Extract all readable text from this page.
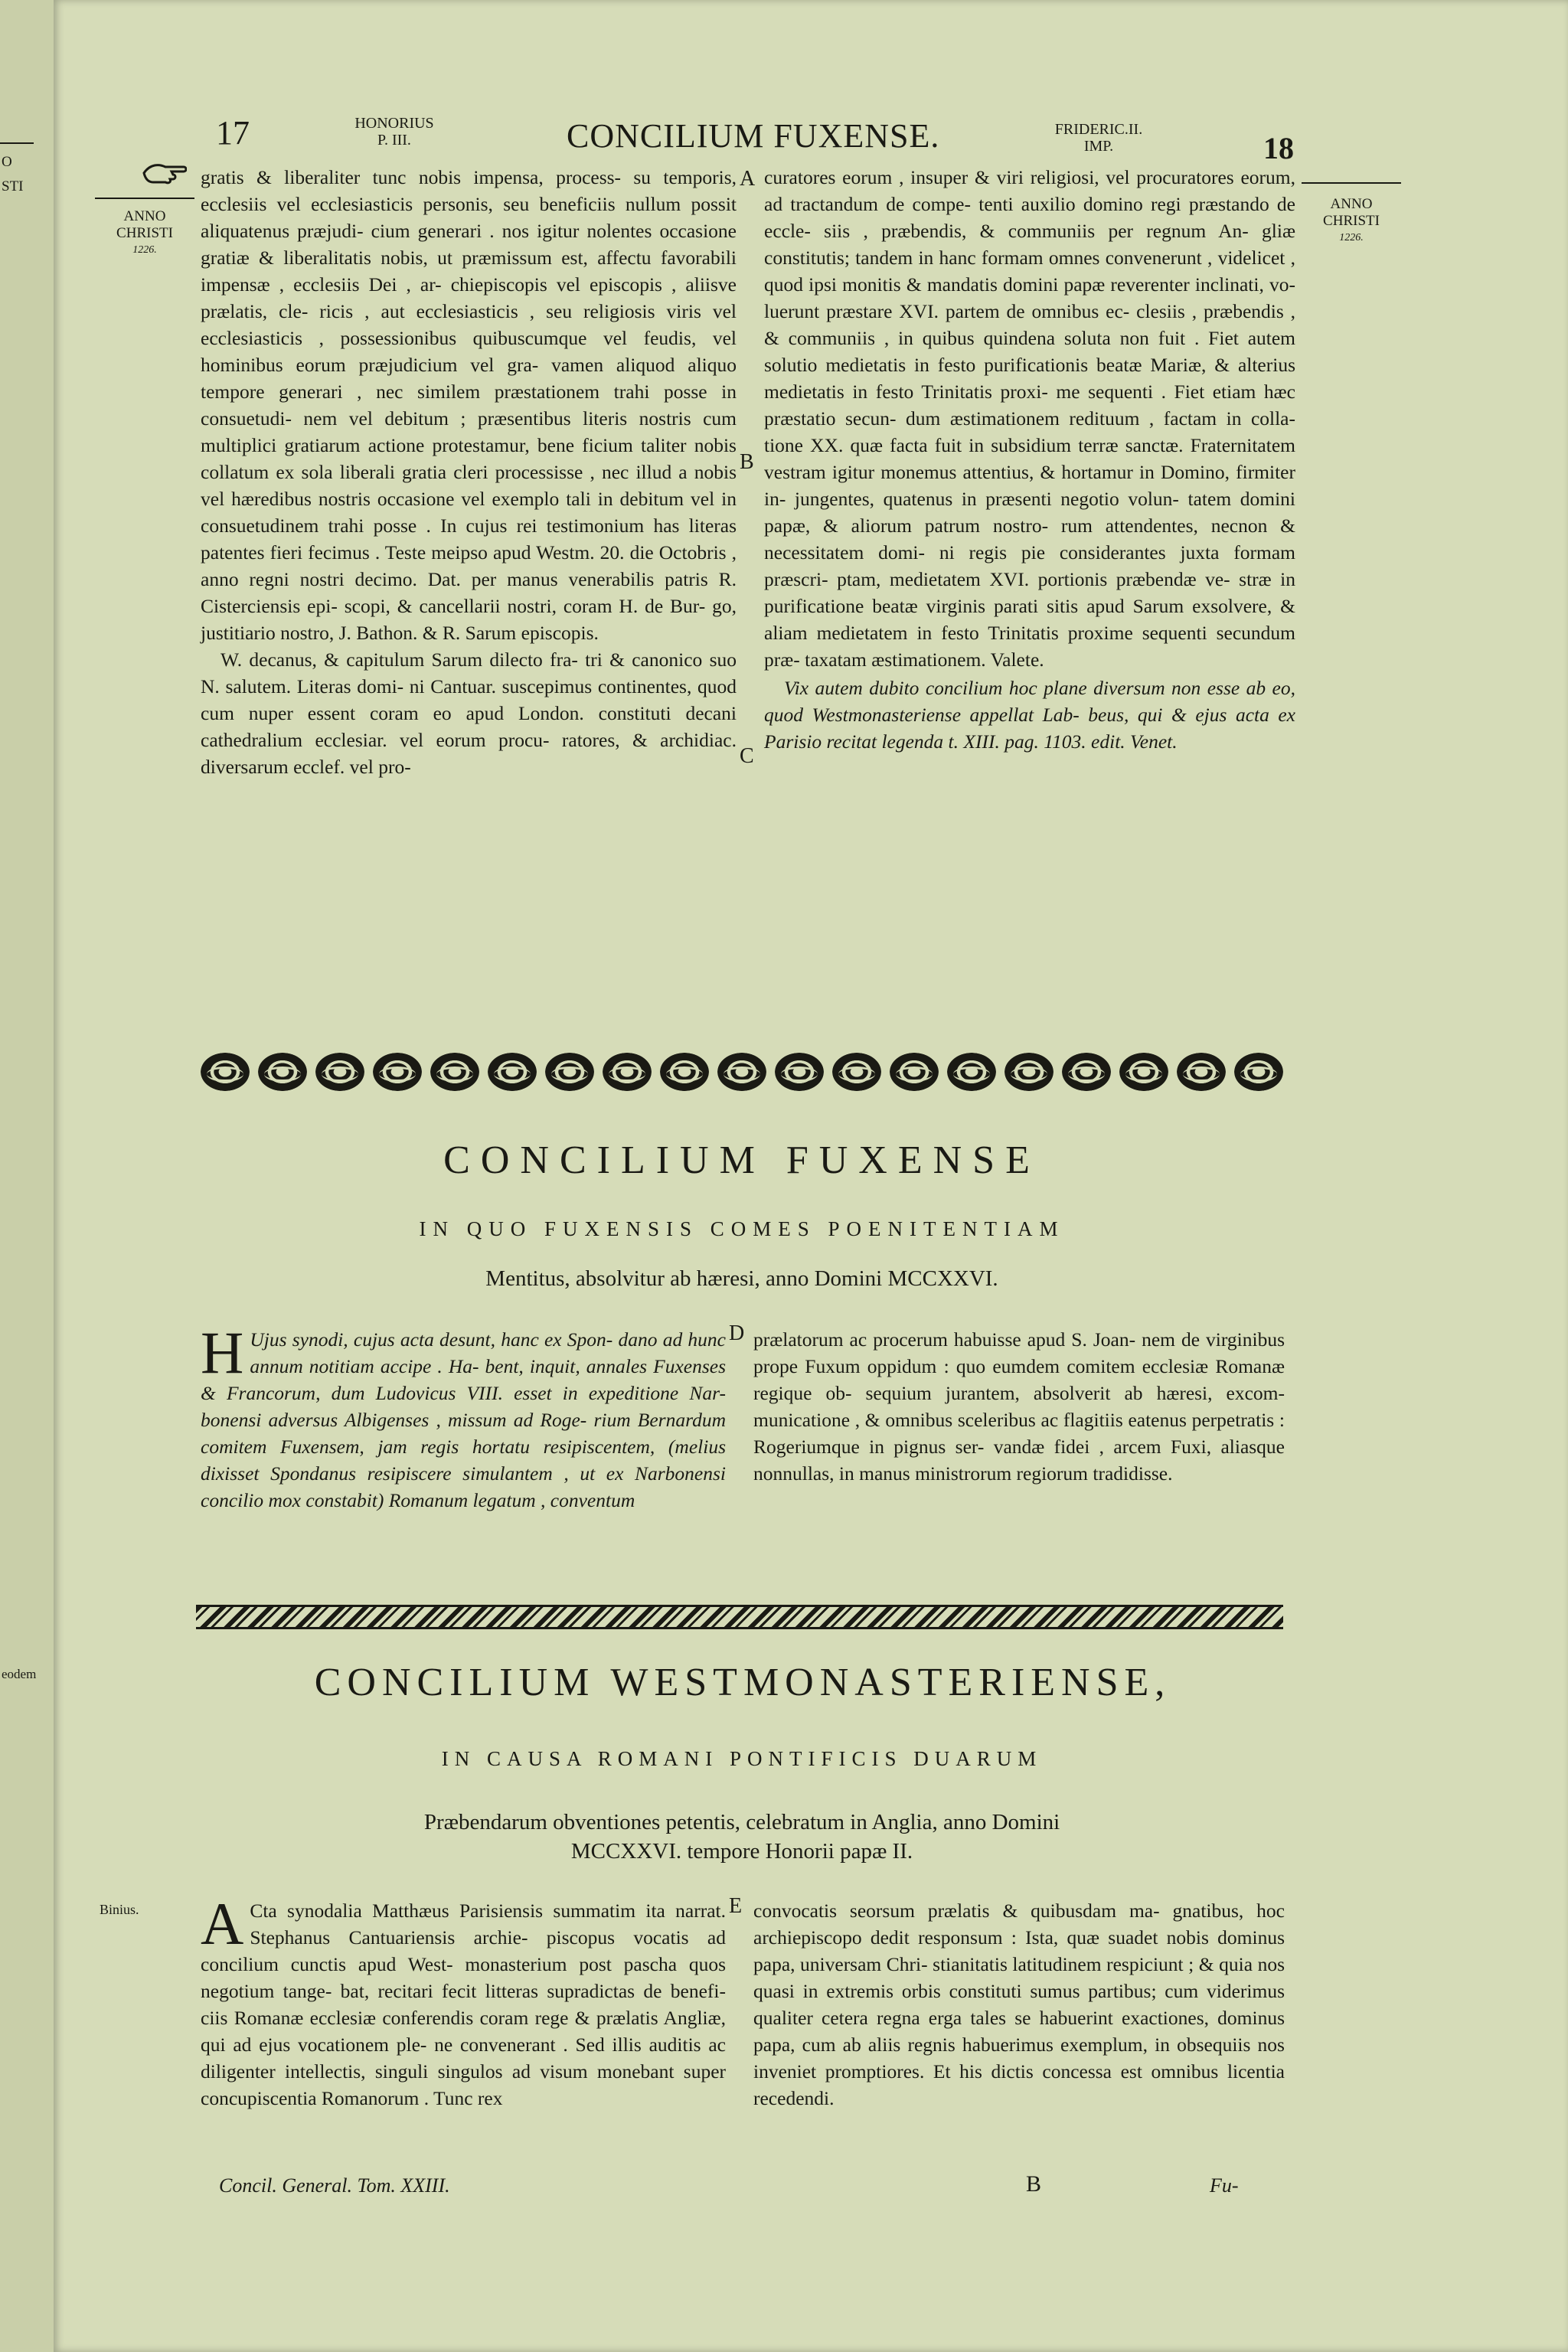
O
STI
eodem
17	HONORIUS
P. III.	CONCILIUM FUXENSE.	FRIDERIC.II.
IMP.	18
ANNO
CHRISTI
1226.
ANNO
CHRISTI
1226.
Binius.
A
B
C
D
E

gratis & liberaliter tunc nobis impensa, process- su temporis, ecclesiis vel ecclesiasticis personis, seu beneficiis nullum possit aliquatenus præjudi- cium generari . nos igitur nolentes occasione gratiæ & liberalitatis nobis, ut præmissum est, affectu favorabili impensæ , ecclesiis Dei , ar- chiepiscopis vel episcopis , aliisve prælatis, cle- ricis , aut ecclesiasticis , seu religiosis viris vel ecclesiasticis , possessionibus quibuscumque vel feudis, vel hominibus eorum præjudicium vel gra- vamen aliquod aliquo tempore generari , nec similem præstationem trahi posse in consuetudi- nem vel debitum ; præsentibus literis nostris cum multiplici gratiarum actione protestamur, bene ficium taliter nobis collatum ex sola liberali gratia cleri processisse , nec illud a nobis vel hæredibus nostris occasione vel exemplo tali in debitum vel in consuetudinem trahi posse . In cujus rei testimonium has literas patentes fieri fecimus . Teste meipso apud Westm. 20. die Octobris , anno regni nostri decimo. Dat. per manus venerabilis patris R. Cisterciensis epi- scopi, & cancellarii nostri, coram H. de Bur- go, justitiario nostro, J. Bathon. & R. Sarum episcopis.

W. decanus, & capitulum Sarum dilecto fra- tri & canonico suo N. salutem. Literas domi- ni Cantuar. suscepimus continentes, quod cum nuper essent coram eo apud London. constituti decani cathedralium ecclesiar. vel eorum procu- ratores, & archidiac. diversarum ecclef. vel pro-

curatores eorum , insuper & viri religiosi, vel procuratores eorum, ad tractandum de compe- tenti auxilio domino regi præstando de eccle- siis , præbendis, & communiis per regnum An- gliæ constitutis; tandem in hanc formam omnes convenerunt , videlicet , quod ipsi monitis & mandatis domini papæ reverenter inclinati, vo- luerunt præstare XVI. partem de omnibus ec- clesiis , præbendis , & communiis , in quibus quindena soluta non fuit . Fiet autem solutio medietatis in festo purificationis beatæ Mariæ, & alterius medietatis in festo Trinitatis proxi- me sequenti . Fiet etiam hæc præstatio secun- dum æstimationem redituum , factam in colla- tione XX. quæ facta fuit in subsidium terræ sanctæ. Fraternitatem vestram igitur monemus attentius, & hortamur in Domino, firmiter in- jungentes, quatenus in præsenti negotio volun- tatem domini papæ, & aliorum patrum nostro- rum attendentes, necnon & necessitatem domi- ni regis pie considerantes juxta formam præscri- ptam, medietatem XVI. portionis præbendæ ve- stræ in purificatione beatæ virginis parati sitis apud Sarum exsolvere, & aliam medietatem in festo Trinitatis proxime sequenti secundum præ- taxatam æstimationem. Valete.

Vix autem dubito concilium hoc plane diversum non esse ab eo, quod Westmonasteriense appellat Lab- beus, qui & ejus acta ex Parisio recitat legenda t. XIII. pag. 1103. edit. Venet.

CONCILIUM FUXENSE
IN QUO FUXENSIS COMES POENITENTIAM
Mentitus, absolvitur ab hæresi, anno Domini MCCXXVI.
H Ujus synodi, cujus acta desunt, hanc ex Spon- dano ad hunc annum notitiam accipe . Ha- bent, inquit, annales Fuxenses & Francorum, dum Ludovicus VIII. esset in expeditione Nar- bonensi adversus Albigenses , missum ad Roge- rium Bernardum comitem Fuxensem, jam regis hortatu resipiscentem, (melius dixisset Spondanus resipiscere simulantem , ut ex Narbonensi concilio mox constabit) Romanum legatum , conventum
prælatorum ac procerum habuisse apud S. Joan- nem de virginibus prope Fuxum oppidum : quo eumdem comitem ecclesiæ Romanæ regique ob- sequium jurantem, absolverit ab hæresi, excom- municatione , & omnibus sceleribus ac flagitiis eatenus perpetratis : Rogeriumque in pignus ser- vandæ fidei , arcem Fuxi, aliasque nonnullas, in manus ministrorum regiorum tradidisse.
CONCILIUM WESTMONASTERIENSE,
IN CAUSA ROMANI PONTIFICIS DUARUM
Præbendarum obventiones petentis, celebratum in Anglia, anno Domini
MCCXXVI. tempore Honorii papæ II.
A Cta synodalia Matthæus Parisiensis summatim ita narrat. Stephanus Cantuariensis archie- piscopus vocatis ad concilium cunctis apud West- monasterium post pascha quos negotium tange- bat, recitari fecit litteras supradictas de benefi- ciis Romanæ ecclesiæ conferendis coram rege & prælatis Angliæ, qui ad ejus vocationem ple- ne convenerant . Sed illis auditis ac diligenter intellectis, singuli singulos ad visum monebant super concupiscentia Romanorum . Tunc rex
convocatis seorsum prælatis & quibusdam ma- gnatibus, hoc archiepiscopo dedit responsum : Ista, quæ suadet nobis dominus papa, universam Chri- stianitatis latitudinem respiciunt ; & quia nos quasi in extremis orbis constituti sumus partibus; cum viderimus qualiter cetera regna erga tales se habuerint exactiones, dominus papa, cum ab aliis regnis habuerimus exemplum, in obsequiis nos inveniet promptiores. Et his dictis concessa est omnibus licentia recedendi.
Concil. General. Tom. XXIII.	B	Fu-
